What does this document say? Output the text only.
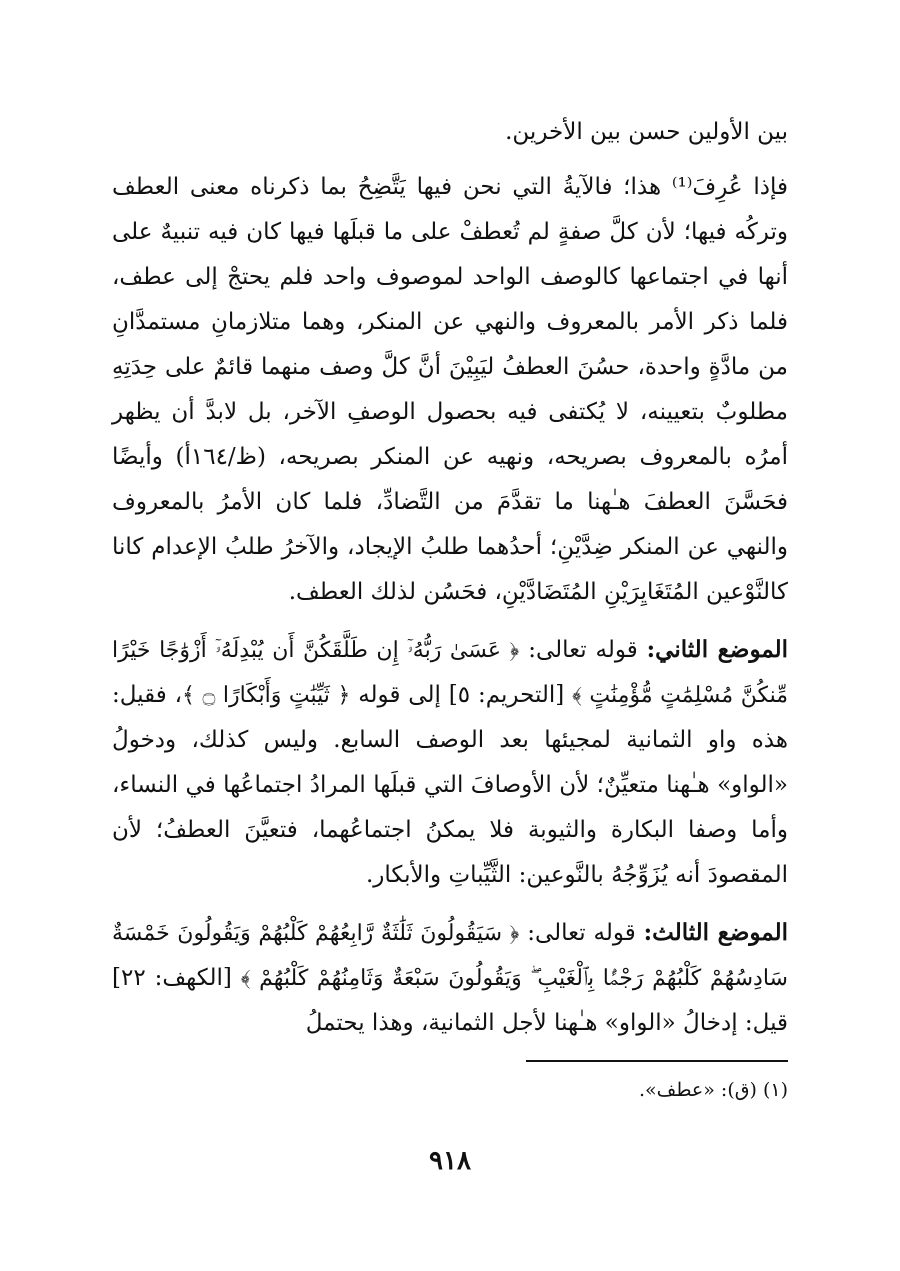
بين الأولين حسن بين الأخرين.

فإذا عُرِفَ⁽¹⁾ هذا؛ فالآيةُ التي نحن فيها يَتَّضِحُ بما ذكرناه معنى العطف وتركُه فيها؛ لأن كلَّ صفةٍ لم تُعطفْ على ما قبلَها فيها كان فيه تنبيهٌ على أنها في اجتماعها كالوصف الواحد لموصوف واحد فلم يحتجْ إلى عطف، فلما ذكر الأمر بالمعروف والنهي عن المنكر، وهما متلازمانِ مستمدَّانِ من مادَّةٍ واحدة، حسُنَ العطفُ ليَبِيْنَ أنَّ كلَّ وصف منهما قائمٌ على حِدَتِهِ مطلوبٌ بتعيينه، لا يُكتفى فيه بحصول الوصفِ الآخر، بل لابدَّ أن يظهر أمرُه بالمعروف بصريحه، ونهيه عن المنكر بصريحه، (ظ/١٦٤أ) وأيضًا فحَسَّنَ العطفَ هـٰهنا ما تقدَّمَ من التَّضادِّ، فلما كان الأمرُ بالمعروف والنهي عن المنكر ضِدَّيْنِ؛ أحدُهما طلبُ الإيجاد، والآخرُ طلبُ الإعدام كانا كالنَّوْعين المُتَغَايِرَيْنِ المُتَضَادَّيْنِ، فحَسُن لذلك العطف.

الموضع الثاني: قوله تعالى: ﴿ عَسَىٰ رَبُّهُۥٓ إِن طَلَّقَكُنَّ أَن يُبْدِلَهُۥٓ أَزْوَٰجًا خَيْرًا مِّنكُنَّ مُسْلِمَٰتٍ مُّؤْمِنَٰتٍ ﴾ [التحريم: ٥] إلى قوله ﴿ ثَيِّبَٰتٍ وَأَبْكَارًا ۝ ﴾، فقيل: هذه واو الثمانية لمجيئها بعد الوصف السابع. وليس كذلك، ودخولُ «الواو» هـٰهنا متعيِّنٌ؛ لأن الأوصافَ التي قبلَها المرادُ اجتماعُها في النساء، وأما وصفا البكارة والثيوبة فلا يمكنُ اجتماعُهما، فتعيَّنَ العطفُ؛ لأن المقصودَ أنه يُزَوِّجُهُ بالنَّوعين: الثَّيِّباتِ والأبكار.

الموضع الثالث: قوله تعالى: ﴿ سَيَقُولُونَ ثَلَٰثَةٌ رَّابِعُهُمْ كَلْبُهُمْ وَيَقُولُونَ خَمْسَةٌ سَادِسُهُمْ كَلْبُهُمْ رَجْمًۢا بِٱلْغَيْبِ ۖ وَيَقُولُونَ سَبْعَةٌ وَثَامِنُهُمْ كَلْبُهُمْ ﴾ [الكهف: ٢٢] قيل: إدخالُ «الواو» هـٰهنا لأجل الثمانية، وهذا يحتملُ

(١) (ق): «عطف».
٩١٨
